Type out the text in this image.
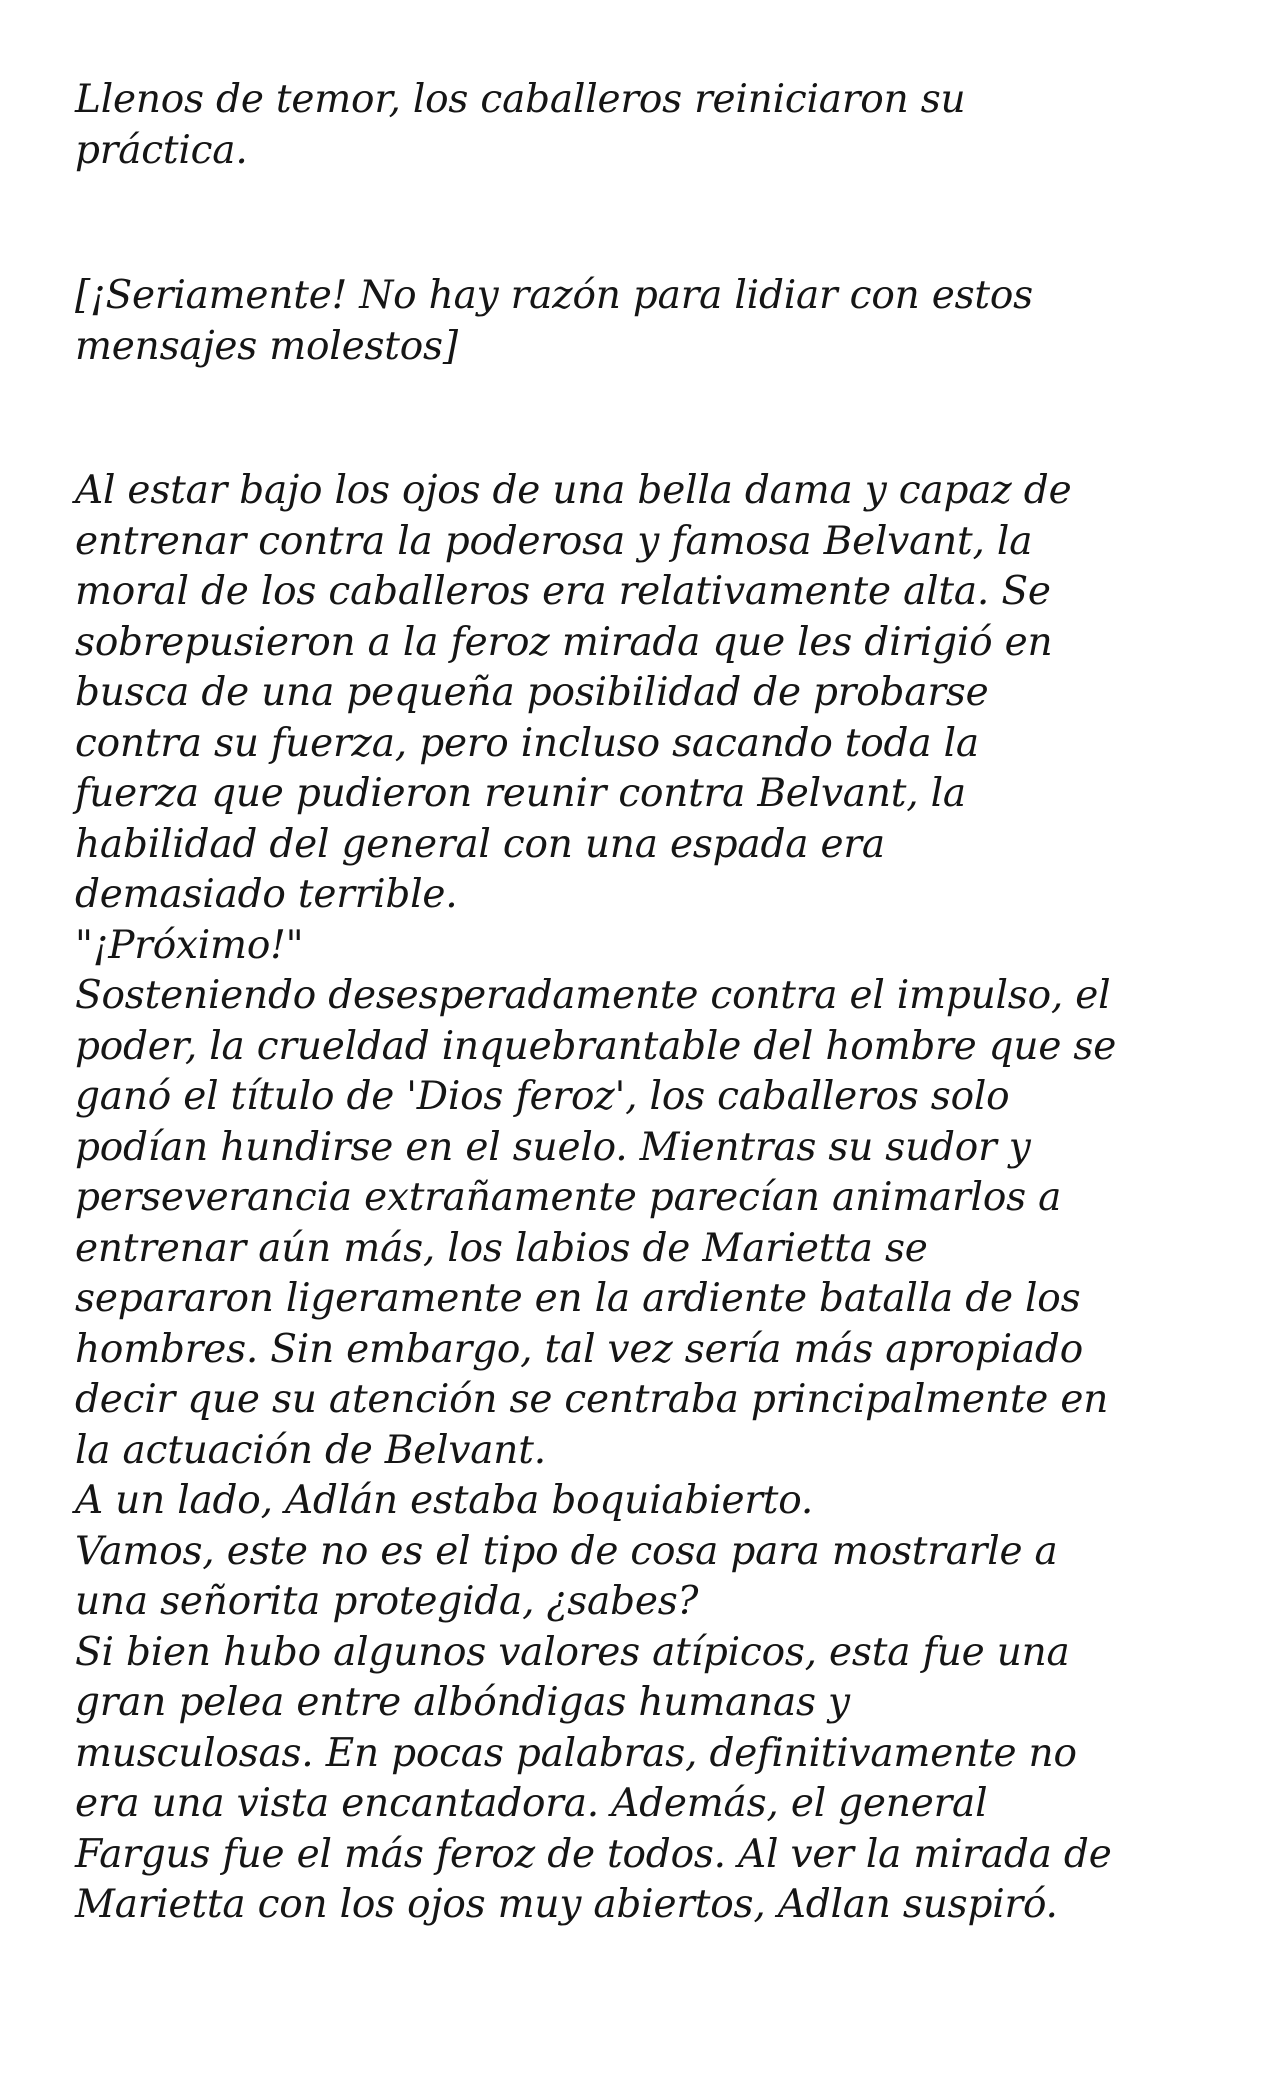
Llenos de temor, los caballeros reiniciaron su
práctica.

[¡Seriamente! No hay razón para lidiar con estos
mensajes molestos]

Al estar bajo los ojos de una bella dama y capaz de
entrenar contra la poderosa y famosa Belvant, la
moral de los caballeros era relativamente alta. Se
sobrepusieron a la feroz mirada que les dirigió en
busca de una pequeña posibilidad de probarse
contra su fuerza, pero incluso sacando toda la
fuerza que pudieron reunir contra Belvant, la
habilidad del general con una espada era
demasiado terrible.
"¡Próximo!"
Sosteniendo desesperadamente contra el impulso, el
poder, la crueldad inquebrantable del hombre que se
ganó el título de 'Dios feroz', los caballeros solo
podían hundirse en el suelo. Mientras su sudor y
perseverancia extrañamente parecían animarlos a
entrenar aún más, los labios de Marietta se
separaron ligeramente en la ardiente batalla de los
hombres. Sin embargo, tal vez sería más apropiado
decir que su atención se centraba principalmente en
la actuación de Belvant.
A un lado, Adlán estaba boquiabierto.
Vamos, este no es el tipo de cosa para mostrarle a
una señorita protegida, ¿sabes?
Si bien hubo algunos valores atípicos, esta fue una
gran pelea entre albóndigas humanas y
musculosas. En pocas palabras, definitivamente no
era una vista encantadora. Además, el general
Fargus fue el más feroz de todos. Al ver la mirada de
Marietta con los ojos muy abiertos, Adlan suspiró.
